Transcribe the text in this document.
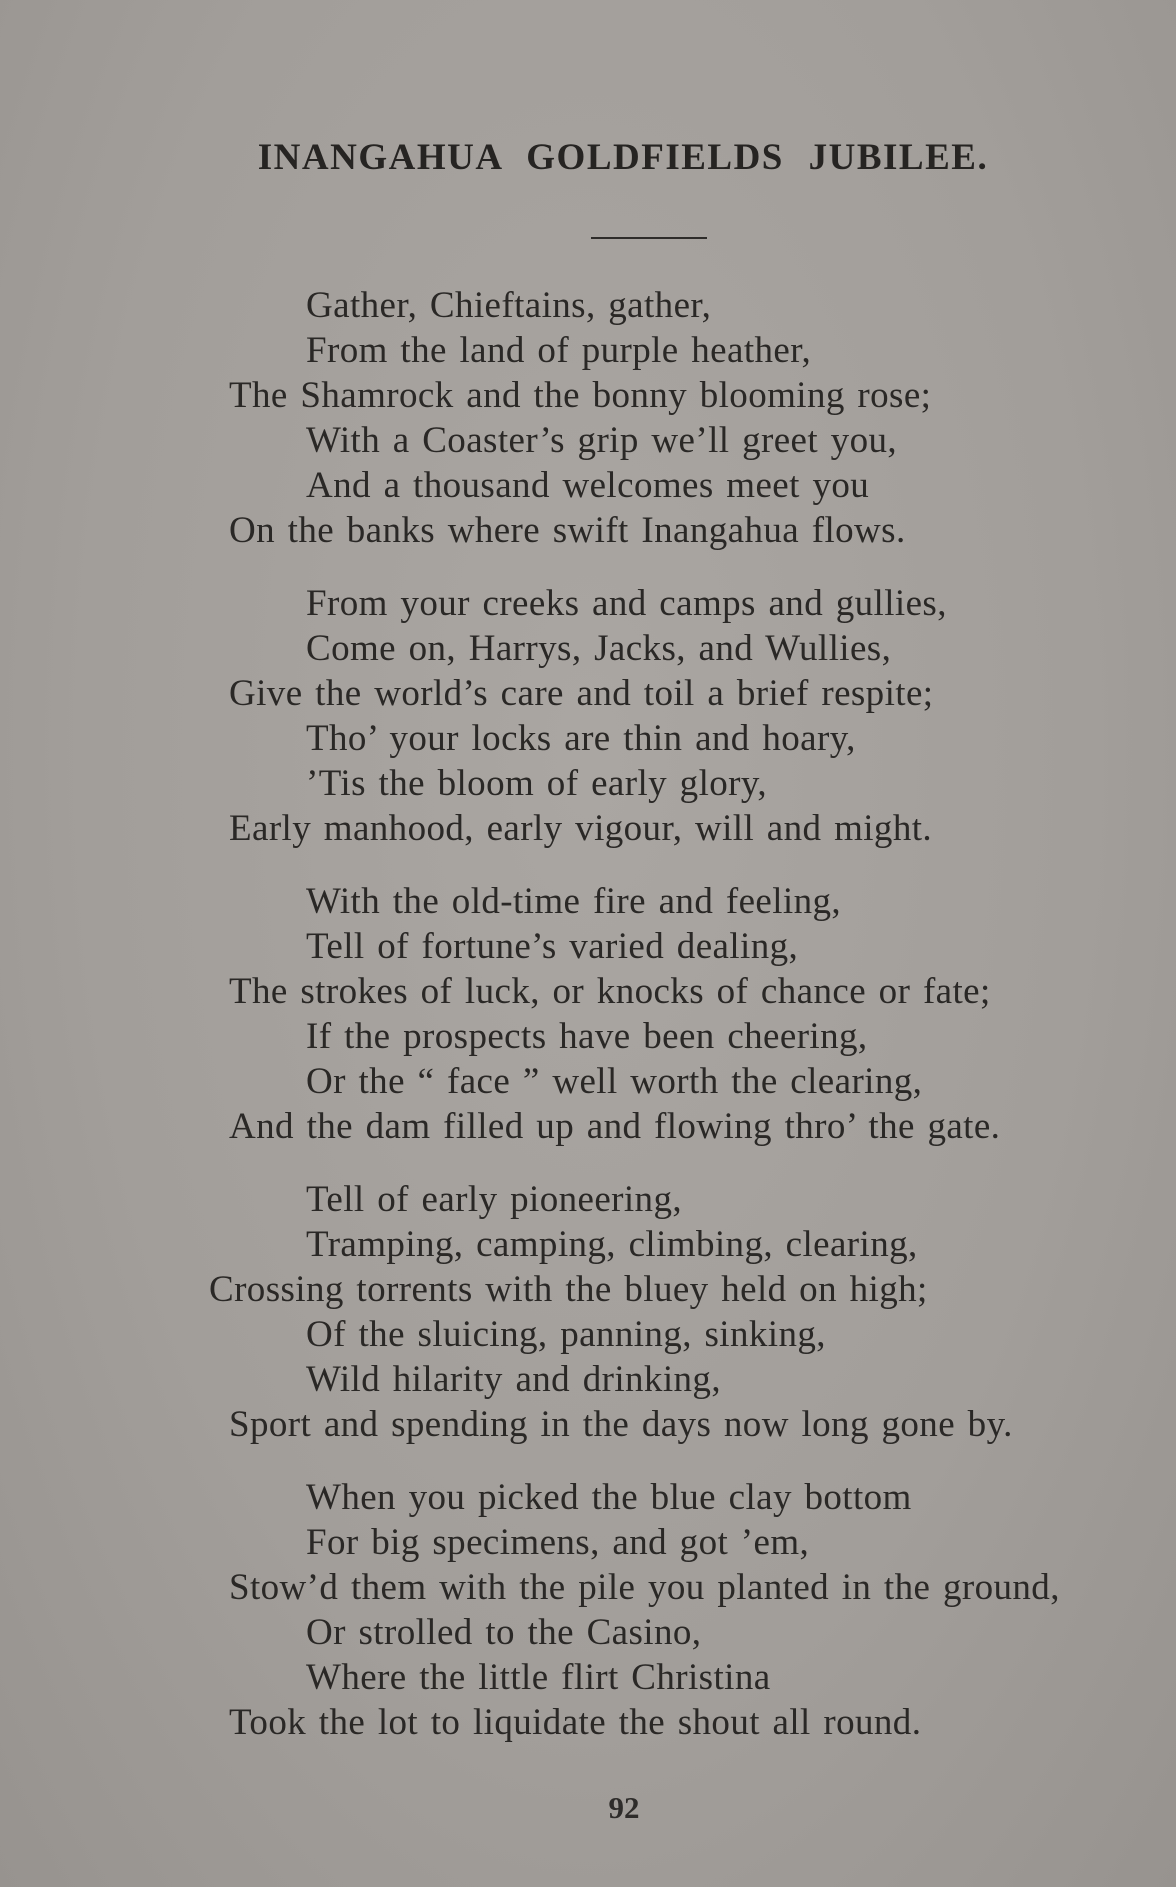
INANGAHUA GOLDFIELDS JUBILEE.
Gather, Chieftains, gather,
From the land of purple heather,
The Shamrock and the bonny blooming rose;
With a Coaster’s grip we’ll greet you,
And a thousand welcomes meet you
On the banks where swift Inangahua flows.
From your creeks and camps and gullies,
Come on, Harrys, Jacks, and Wullies,
Give the world’s care and toil a brief respite;
Tho’ your locks are thin and hoary,
’Tis the bloom of early glory,
Early manhood, early vigour, will and might.
With the old-time fire and feeling,
Tell of fortune’s varied dealing,
The strokes of luck, or knocks of chance or fate;
If the prospects have been cheering,
Or the “ face ” well worth the clearing,
And the dam filled up and flowing thro’ the gate.
Tell of early pioneering,
Tramping, camping, climbing, clearing,
Crossing torrents with the bluey held on high;
Of the sluicing, panning, sinking,
Wild hilarity and drinking,
Sport and spending in the days now long gone by.
When you picked the blue clay bottom
For big specimens, and got ’em,
Stow’d them with the pile you planted in the ground,
Or strolled to the Casino,
Where the little flirt Christina
Took the lot to liquidate the shout all round.
92
